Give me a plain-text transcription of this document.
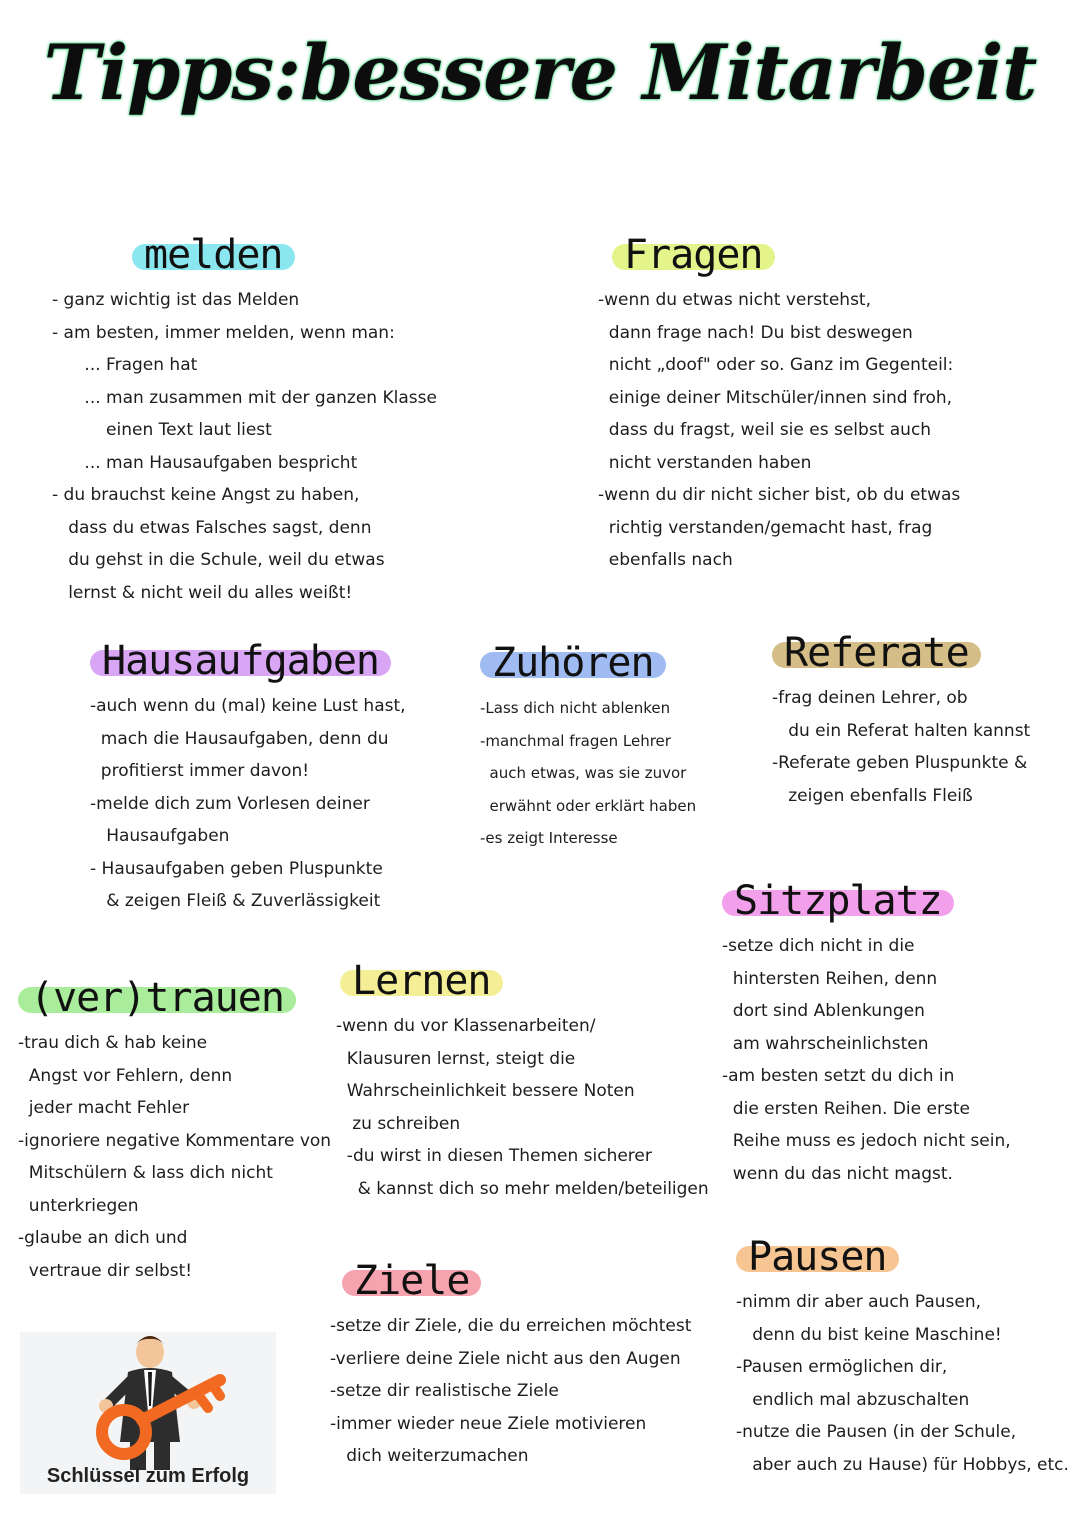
Tipps:bessere Mitarbeit
melden
- ganz wichtig ist das Melden
- am besten, immer melden, wenn man:
... Fragen hat
... man zusammen mit der ganzen Klasse
einen Text laut liest
... man Hausaufgaben bespricht
- du brauchst keine Angst zu haben,
dass du etwas Falsches sagst, denn
du gehst in die Schule, weil du etwas
lernst & nicht weil du alles weißt!
Fragen
-wenn du etwas nicht verstehst,
dann frage nach! Du bist deswegen
nicht „doof" oder so. Ganz im Gegenteil:
einige deiner Mitschüler/innen sind froh,
dass du fragst, weil sie es selbst auch
nicht verstanden haben
-wenn du dir nicht sicher bist, ob du etwas
richtig verstanden/gemacht hast, frag
ebenfalls nach
Hausaufgaben
-auch wenn du (mal) keine Lust hast,
mach die Hausaufgaben, denn du
profitierst immer davon!
-melde dich zum Vorlesen deiner
Hausaufgaben
- Hausaufgaben geben Pluspunkte
& zeigen Fleiß & Zuverlässigkeit
Zuhören
-Lass dich nicht ablenken
-manchmal fragen Lehrer
auch etwas, was sie zuvor
erwähnt oder erklärt haben
-es zeigt Interesse
Referate
-frag deinen Lehrer, ob
du ein Referat halten kannst
-Referate geben Pluspunkte &
zeigen ebenfalls Fleiß
Sitzplatz
-setze dich nicht in die
hintersten Reihen, denn
dort sind Ablenkungen
am wahrscheinlichsten
-am besten setzt du dich in
die ersten Reihen. Die erste
Reihe muss es jedoch nicht sein,
wenn du das nicht magst.
(ver)trauen
-trau dich & hab keine
Angst vor Fehlern, denn
jeder macht Fehler
-ignoriere negative Kommentare von
Mitschülern & lass dich nicht
unterkriegen
-glaube an dich und
vertraue dir selbst!
Lernen
-wenn du vor Klassenarbeiten/
Klausuren lernst, steigt die
Wahrscheinlichkeit bessere Noten
zu schreiben
-du wirst in diesen Themen sicherer
& kannst dich so mehr melden/beteiligen
Ziele
-setze dir Ziele, die du erreichen möchtest
-verliere deine Ziele nicht aus den Augen
-setze dir realistische Ziele
-immer wieder neue Ziele motivieren
dich weiterzumachen
Pausen
-nimm dir aber auch Pausen,
denn du bist keine Maschine!
-Pausen ermöglichen dir,
endlich mal abzuschalten
-nutze die Pausen (in der Schule,
aber auch zu Hause) für Hobbys, etc.
Schlüssel zum Erfolg
